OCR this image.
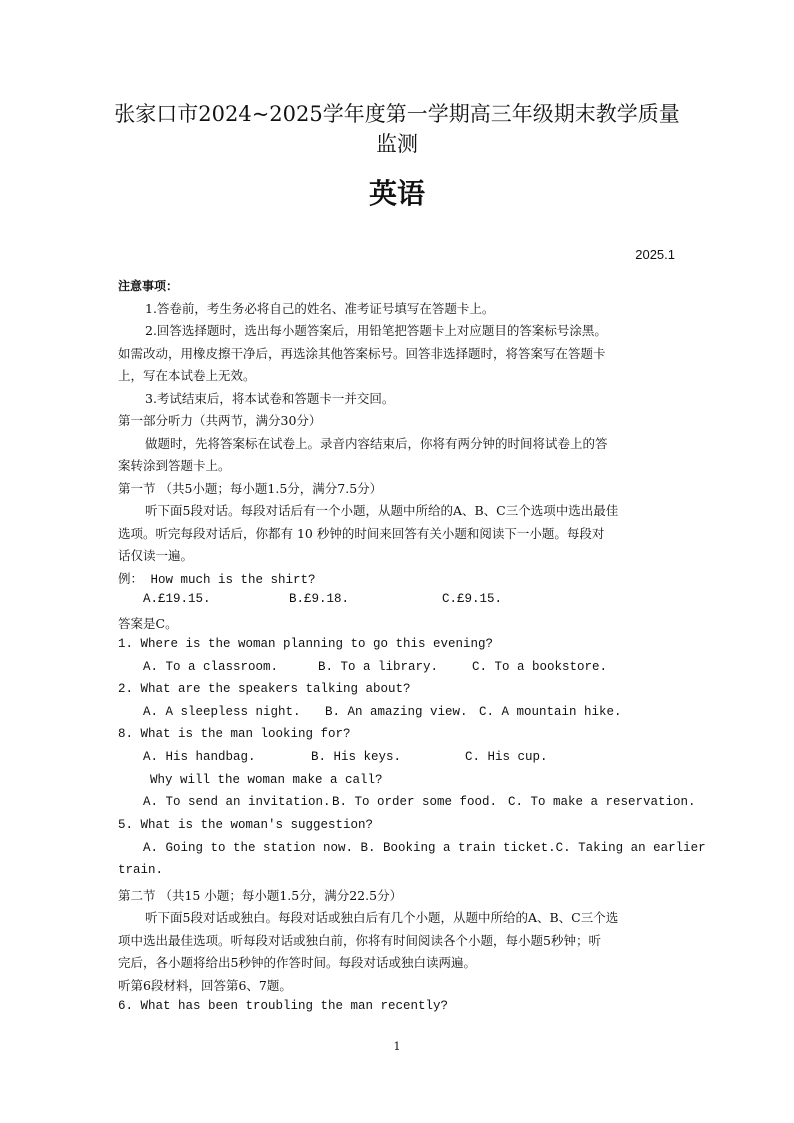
张家口市2024~2025学年度第一学期高三年级期末教学质量
监测
英语
2025.1
注意事项：
1.答卷前，考生务必将自己的姓名、准考证号填写在答题卡上。
2.回答选择题时，选出每小题答案后，用铅笔把答题卡上对应题目的答案标号涂黑。
如需改动，用橡皮擦干净后，再选涂其他答案标号。回答非选择题时，将答案写在答题卡
上，写在本试卷上无效。
3.考试结束后，将本试卷和答题卡一并交回。
第一部分听力（共两节，满分30分）
做题时，先将答案标在试卷上。录音内容结束后，你将有两分钟的时间将试卷上的答
案转涂到答题卡上。
第一节 （共5小题；每小题1.5分，满分7.5分）
听下面5段对话。每段对话后有一个小题，从题中所给的A、B、C三个选项中选出最佳
选项。听完每段对话后，你都有 10 秒钟的时间来回答有关小题和阅读下一小题。每段对
话仅读一遍。
例： How much is the shirt?
A.£19.15.	B.£9.18.	C.£9.15.
答案是C。
1. Where is the woman planning to go this evening?
A. To a classroom.	B. To a library.	C. To a bookstore.
2. What are the speakers talking about?
A. A sleepless night. B. An amazing view. C. A mountain hike.
8. What is the man looking for?
A. His handbag.	B. His keys.	C. His cup.
Why will the woman make a call?
A. To send an invitation. B. To order some food. C. To make a reservation.
5. What is the woman's suggestion?
A. Going to the station now. B. Booking a train ticket.C. Taking an earlier
train.
第二节 （共15 小题；每小题1.5分，满分22.5分）
听下面5段对话或独白。每段对话或独白后有几个小题，从题中所给的A、B、C三个选
项中选出最佳选项。听每段对话或独白前，你将有时间阅读各个小题，每小题5秒钟；听
完后，各小题将给出5秒钟的作答时间。每段对话或独白读两遍。
听第6段材料，回答第6、7题。
6. What has been troubling the man recently?
1
